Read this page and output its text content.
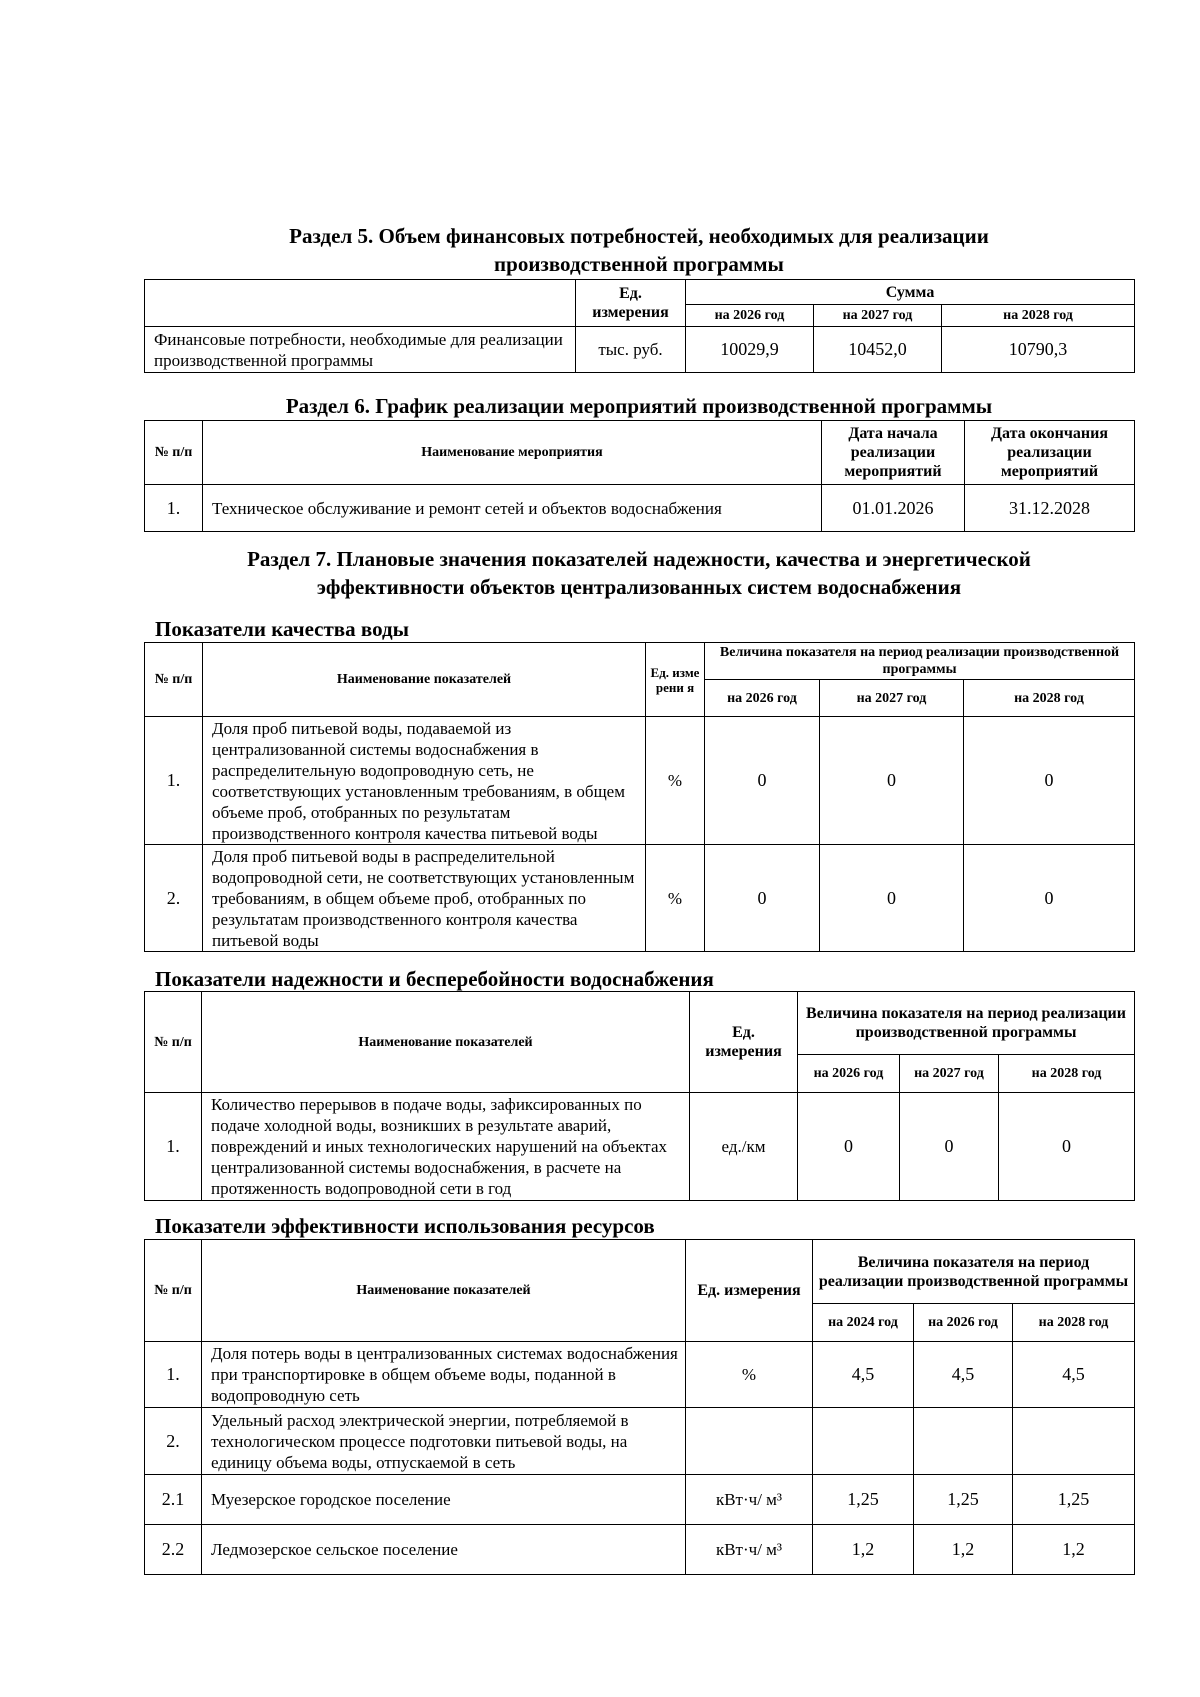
Раздел 5. Объем финансовых потребностей, необходимых для реализации
производственной программы
	Ед. измерения	Сумма		
		на 2026 год	на 2027 год	на 2028 год
Финансовые потребности, необходимые для реализации производственной программы	тыс. руб.	10029,9	10452,0	10790,3
Раздел 6. График реализации мероприятий производственной программы
№ п/п	Наименование мероприятия	Дата начала реализации мероприятий	Дата окончания реализации мероприятий
1.	Техническое обслуживание и ремонт сетей и объектов водоснабжения	01.01.2026	31.12.2028
Раздел 7. Плановые значения показателей надежности, качества и энергетической
эффективности объектов централизованных систем водоснабжения
Показатели качества воды
№ п/п	Наименование показателей	Ед. изме рени я	Величина показателя на период реализации производственной программы		
			на 2026 год	на 2027 год	на 2028 год
1.	Доля проб питьевой воды, подаваемой из централизованной системы водоснабжения в распределительную водопроводную сеть, не соответствующих установленным требованиям, в общем объеме проб, отобранных по результатам производственного контроля качества питьевой воды	%	0	0	0
2.	Доля проб питьевой воды в распределительной водопроводной сети, не соответствующих установленным требованиям, в общем объеме проб, отобранных по результатам производственного контроля качества питьевой воды	%	0	0	0
Показатели надежности и бесперебойности водоснабжения
№ п/п	Наименование показателей	Ед. измерения	Величина показателя на период реализации производственной программы		
			на 2026 год	на 2027 год	на 2028 год
1.	Количество перерывов в подаче воды, зафиксированных по подаче холодной воды, возникших в результате аварий, повреждений и иных технологических нарушений на объектах централизованной системы водоснабжения, в расчете на протяженность водопроводной сети в год	ед./км	0	0	0
Показатели эффективности использования ресурсов
№ п/п	Наименование показателей	Ед. измерения	Величина показателя на период реализации производственной программы		
			на 2024 год	на 2026 год	на 2028 год
1.	Доля потерь воды в централизованных системах водоснабжения при транспортировке в общем объеме воды, поданной в водопроводную сеть	%	4,5	4,5	4,5
2.	Удельный расход электрической энергии, потребляемой в технологическом процессе подготовки питьевой воды, на единицу объема воды, отпускаемой в сеть				
2.1	Муезерское городское поселение	кВт·ч/ м³	1,25	1,25	1,25
2.2	Ледмозерское сельское поселение	кВт·ч/ м³	1,2	1,2	1,2
